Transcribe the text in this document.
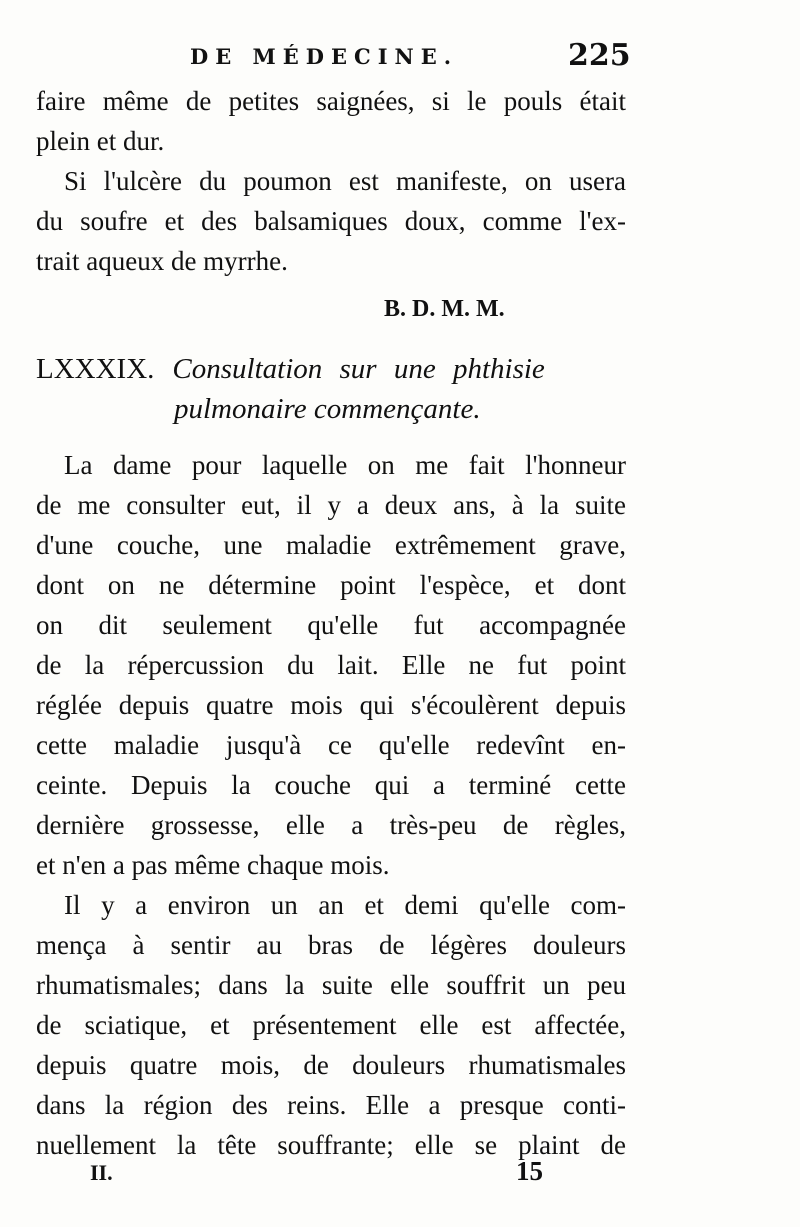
DE MÉDECINE.	225
faire même de petites saignées, si le pouls était
plein et dur.
Si l'ulcère du poumon est manifeste, on usera
du soufre et des balsamiques doux, comme l'ex-
trait aqueux de myrrhe.
B. D. M. M.
LXXXIX. Consultation sur une phthisie
pulmonaire commençante.
La dame pour laquelle on me fait l'honneur
de me consulter eut, il y a deux ans, à la suite
d'une couche, une maladie extrêmement grave,
dont on ne détermine point l'espèce, et dont
on dit seulement qu'elle fut accompagnée
de la répercussion du lait. Elle ne fut point
réglée depuis quatre mois qui s'écoulèrent depuis
cette maladie jusqu'à ce qu'elle redevînt en-
ceinte. Depuis la couche qui a terminé cette
dernière grossesse, elle a très-peu de règles,
et n'en a pas même chaque mois.
Il y a environ un an et demi qu'elle com-
mença à sentir au bras de légères douleurs
rhumatismales; dans la suite elle souffrit un peu
de sciatique, et présentement elle est affectée,
depuis quatre mois, de douleurs rhumatismales
dans la région des reins. Elle a presque conti-
nuellement la tête souffrante; elle se plaint de
II.	15
